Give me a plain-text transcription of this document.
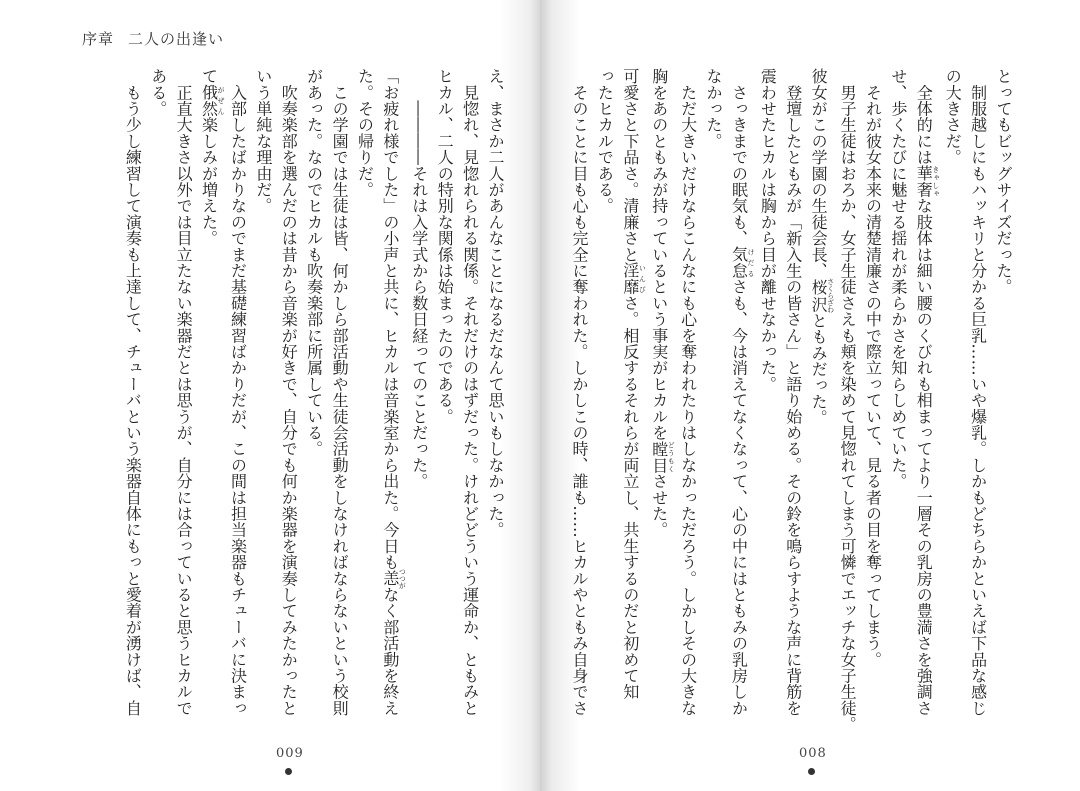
序章 二人の出逢い
え、まさか二人があんなことになるだなんて思いもしなかった。
　見惚れ、見惚れられる関係。それだけのはずだった。けれどどういう運命か、ともみと
ヒカル、二人の特別な関係は始まったのである。
　　――――それは入学式から数日経ってのことだった。
「お疲れ様でした」の小声と共に、ヒカルは音楽室から出た。今日も恙つつがなく部活動を終え
た。その帰りだ。
　この学園では生徒は皆、何かしら部活動や生徒会活動をしなければならないという校則
があった。なのでヒカルも吹奏楽部に所属している。
　吹奏楽部を選んだのは昔から音楽が好きで、自分でも何か楽器を演奏してみたかったと
いう単純な理由だ。
　入部したばかりなのでまだ基礎練習ばかりだが、この間は担当楽器もチューバに決まっ
て俄然がぜん楽しみが増えた。
　正直大きさ以外では目立たない楽器だとは思うが、自分には合っていると思うヒカルで
ある。
　もう少し練習して演奏も上達して、チューバという楽器自体にもっと愛着が湧けば、自
009
とってもビッグサイズだった。
　制服越しにもハッキリと分かる巨乳……いや爆乳。しかもどちらかといえば下品な感じ
の大きさだ。
　全体的には華奢きゃしゃな肢体は細い腰のくびれも相まってより一層その乳房の豊満さを強調さ
せ、歩くたびに魅せる揺れが柔らかさを知らしめていた。
　それが彼女本来の清楚清廉さの中で際立っていて、見る者の目を奪ってしまう。
　男子生徒はおろか、女子生徒さえも頬を染めて見惚れてしまう可憐でエッチな女子生徒。
彼女がこの学園の生徒会長、桜沢さくらざわともみだった。
　登壇したともみが「新入生の皆さん」と語り始める。その鈴を鳴らすような声に背筋を
震わせたヒカルは胸から目が離せなかった。
　さっきまでの眠気も、気怠けだるさも、今は消えてなくなって、心の中にはともみの乳房しか
なかった。
　ただ大きいだけならこんなにも心を奪われたりはしなかっただろう。しかしその大きな
胸をあのともみが持っているという事実がヒカルを瞠目どうもくさせた。
可愛さと下品さ。清廉さと淫靡いんびさ。相反するそれらが両立し、共生するのだと初めて知
ったヒカルである。
　そのことに目も心も完全に奪われた。しかしこの時、誰も……ヒカルやともみ自身でさ
008
